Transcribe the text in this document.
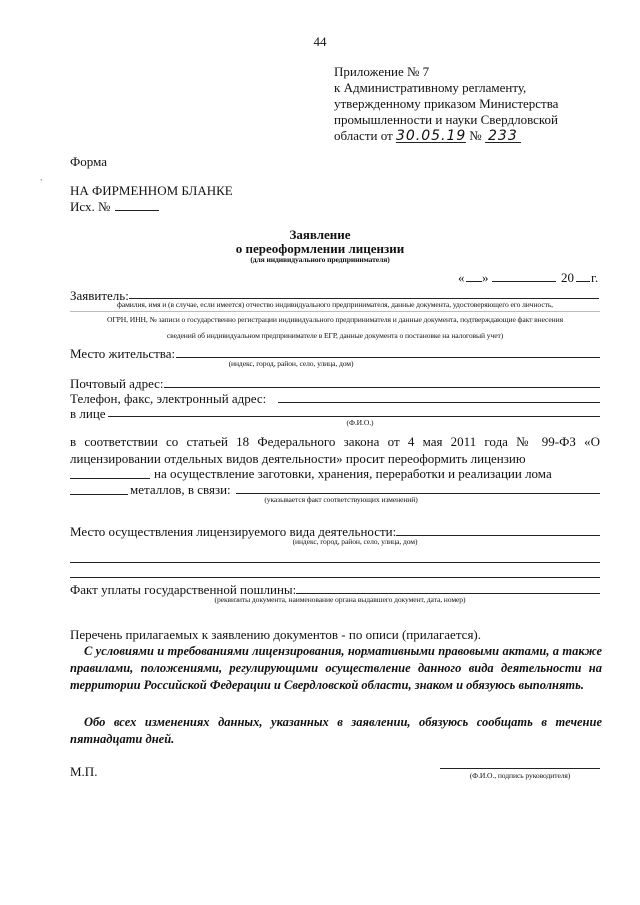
44
Приложение № 7
к Административному регламенту,
утвержденному приказом Министерства
промышленности и науки Свердловской
области от 30.05.19 № 233
Форма
`
НА ФИРМЕННОМ БЛАНКЕ
Исх. №
Заявление
о переоформлении лицензии
(для индивидуального предпринимателя)
« »	20 г.
Заявитель:
фамилия, имя и (в случае, если имеется) отчество индивидуального предпринимателя, данные документа, удостоверяющего его личность,
ОГРН, ИНН, № записи о государственно регистрации индивидуального предпринимателя и данные документа, подтверждающие факт внесения
сведений об индивидуальном предпринимателе в ЕГР, данные документа о постановке на налоговый учет)
Место жительства:
(индекс, город, район, село, улица, дом)
Почтовый адрес:
Телефон, факс, электронный адрес:
в лице
(Ф.И.О.)
в соответствии со статьей 18 Федерального закона от 4 мая 2011 года № 99-ФЗ «О лицензировании отдельных видов деятельности» просит переоформить лицензию
на осуществление заготовки, хранения, переработки и реализации лома
металлов, в связи:
(указывается факт соответствующих изменений)
Место осуществления лицензируемого вида деятельности:
(индекс, город, район, село, улица, дом)
Факт уплаты государственной пошлины:
(реквизиты документа, наименование органа выдавшего документ, дата, номер)
Перечень прилагаемых к заявлению документов - по описи (прилагается).
С условиями и требованиями лицензирования, нормативными правовыми актами, а также правилами, положениями, регулирующими осуществление данного вида деятельности на территории Российской Федерации и Свердловской области, знаком и обязуюсь выполнять.
Обо всех изменениях данных, указанных в заявлении, обязуюсь сообщать в течение пятнадцати дней.
М.П.	(Ф.И.О., подпись руководителя)
